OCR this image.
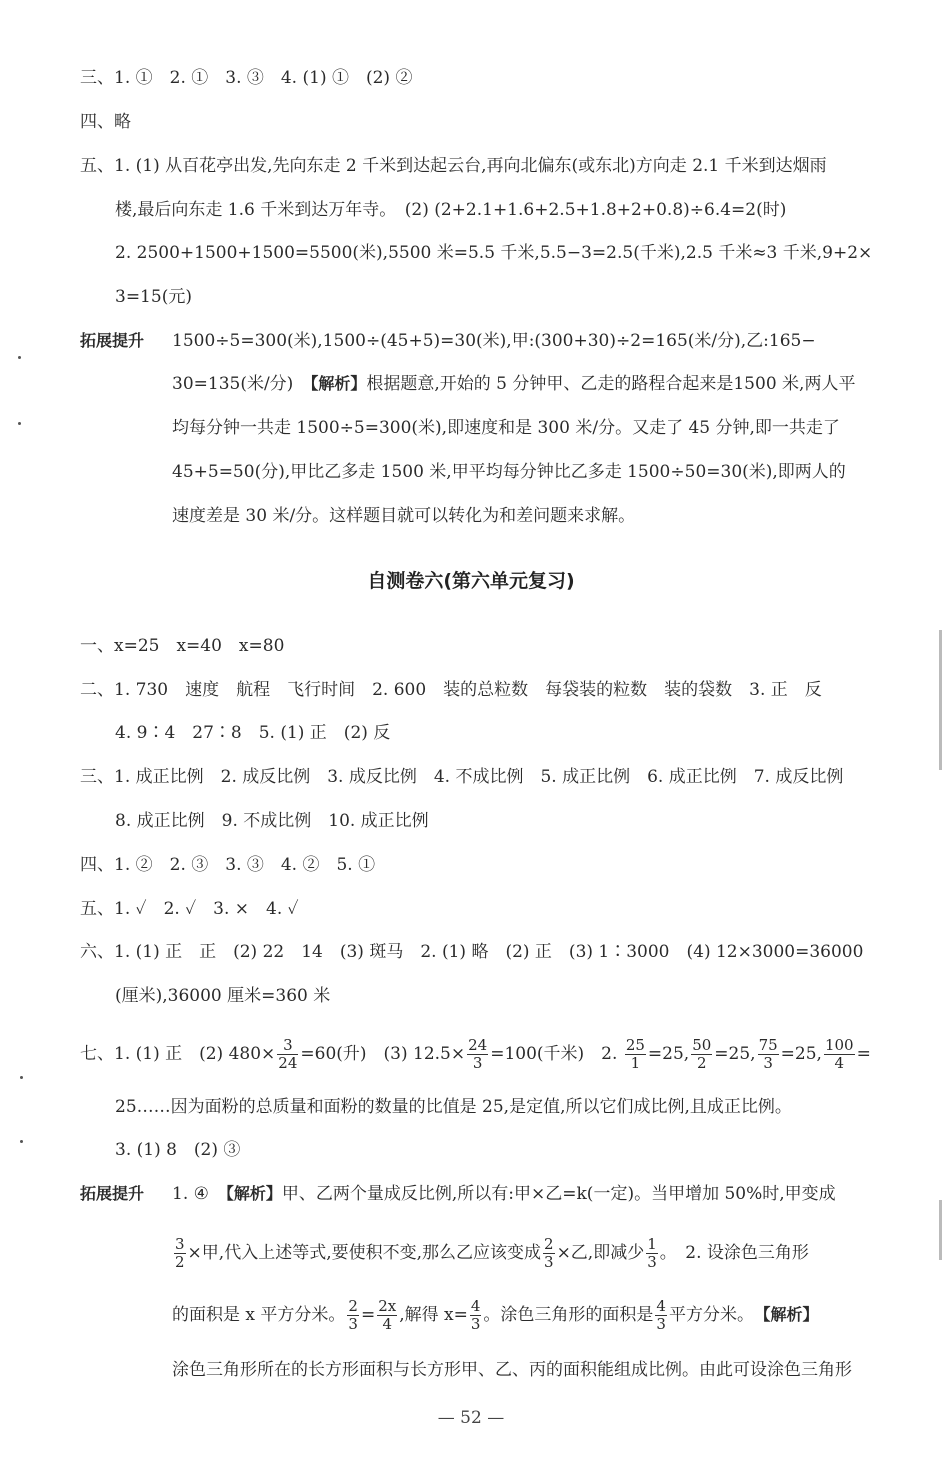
三、1. ①　2. ①　3. ③　4. (1) ①　(2) ②
四、略
五、1. (1) 从百花亭出发,先向东走 2 千米到达起云台,再向北偏东(或东北)方向走 2.1 千米到达烟雨
楼,最后向东走 1.6 千米到达万年寺。　(2) (2+2.1+1.6+2.5+1.8+2+0.8)÷6.4=2(时)
2. 2500+1500+1500=5500(米),5500 米=5.5 千米,5.5−3=2.5(千米),2.5 千米≈3 千米,9+2×
3=15(元)
拓展提升 1500÷5=300(米),1500÷(45+5)=30(米),甲:(300+30)÷2=165(米/分),乙:165−
30=135(米/分)　【解析】根据题意,开始的 5 分钟甲、乙走的路程合起来是1500 米,两人平
均每分钟一共走 1500÷5=300(米),即速度和是 300 米/分。又走了 45 分钟,即一共走了
45+5=50(分),甲比乙多走 1500 米,甲平均每分钟比乙多走 1500÷50=30(米),即两人的
速度差是 30 米/分。这样题目就可以转化为和差问题来求解。
自测卷六(第六单元复习)
一、x=25　x=40　x=80
二、1. 730　速度　航程　飞行时间　2. 600　装的总粒数　每袋装的粒数　装的袋数　3. 正　反
4. 9∶4　27∶8　5. (1) 正　(2) 反
三、1. 成正比例　2. 成反比例　3. 成反比例　4. 不成比例　5. 成正比例　6. 成正比例　7. 成反比例
8. 成正比例　9. 不成比例　10. 成正比例
四、1. ②　2. ③　3. ③　4. ②　5. ①
五、1. ✓　2. ✓　3. ×　4. ✓
六、1. (1) 正　正　(2) 22　14　(3) 斑马　2. (1) 略　(2) 正　(3) 1∶3000　(4) 12×3000=36000
(厘米),36000 厘米=360 米
七、1. (1) 正　(2) $480\times \frac{3}{24} =60$(升)　(3) $12.5\times \frac{24}{3} =100$(千米)　2. $\frac{25}{1} =25$, $\frac{50}{2} =25$, $\frac{75}{3} =25$, $\frac{100}{4}$ =
25……因为面粉的总质量和面粉的数量的比值是 25,是定值,所以它们成比例,且成正比例。
3. (1) 8　(2) ③
拓展提升 1. ④　【解析】甲、乙两个量成反比例,所以有:甲×乙=k(一定)。当甲增加 50%时,甲变成
$\frac{3}{2}$ ×甲,代入上述等式,要使积不变,那么乙应该变成 $\frac{2}{3}$ ×乙,即减少 $\frac{1}{3}$ 。　2. 设涂色三角形
的面积是 x 平方分米。 $\frac{2}{3} = \frac{2x}{4}$ ,解得 $x= \frac{4}{3}$ 。涂色三角形的面积是 $\frac{4}{3}$ 平方分米。　【解析】
涂色三角形所在的长方形面积与长方形甲、乙、丙的面积能组成比例。由此可设涂色三角形
— 52 —
